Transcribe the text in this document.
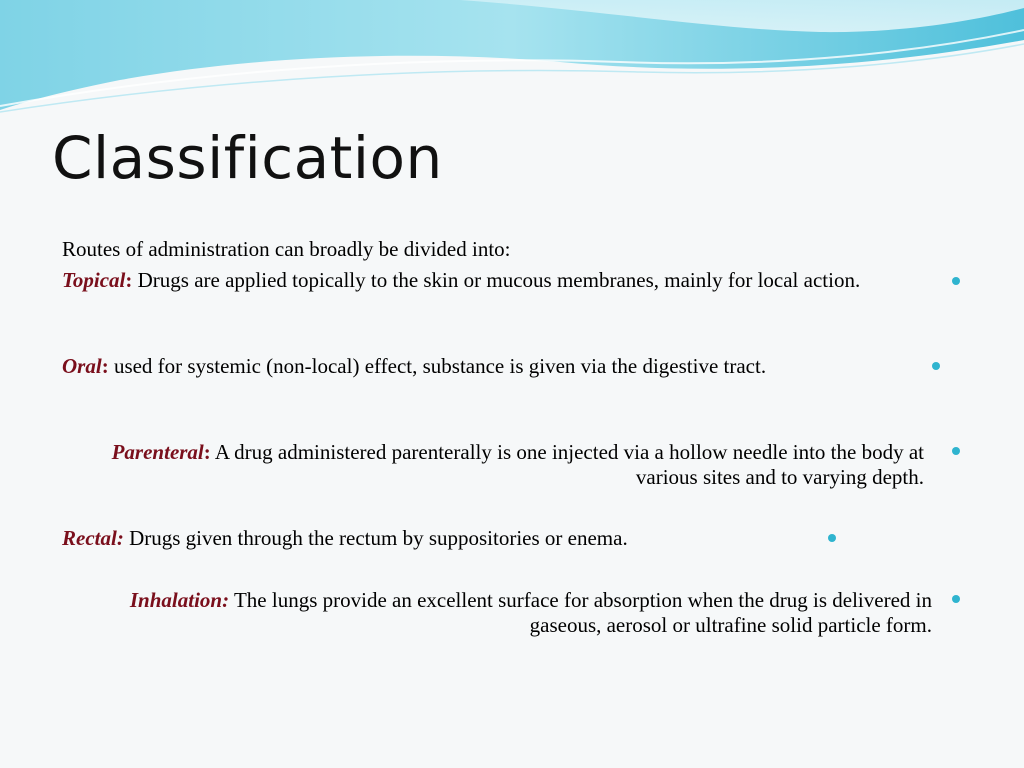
Classification
Routes of administration can broadly be divided into:
Topical: Drugs are applied topically to the skin or mucous membranes, mainly for local action.
Oral: used for systemic (non-local) effect, substance is given via the digestive tract.
Parenteral: A drug administered parenterally is one injected via a hollow needle into the body at various sites and to varying depth.
Rectal: Drugs given through the rectum by suppositories or enema.
Inhalation: The lungs provide an excellent surface for absorption when the drug is delivered in gaseous, aerosol or ultrafine solid particle form.
